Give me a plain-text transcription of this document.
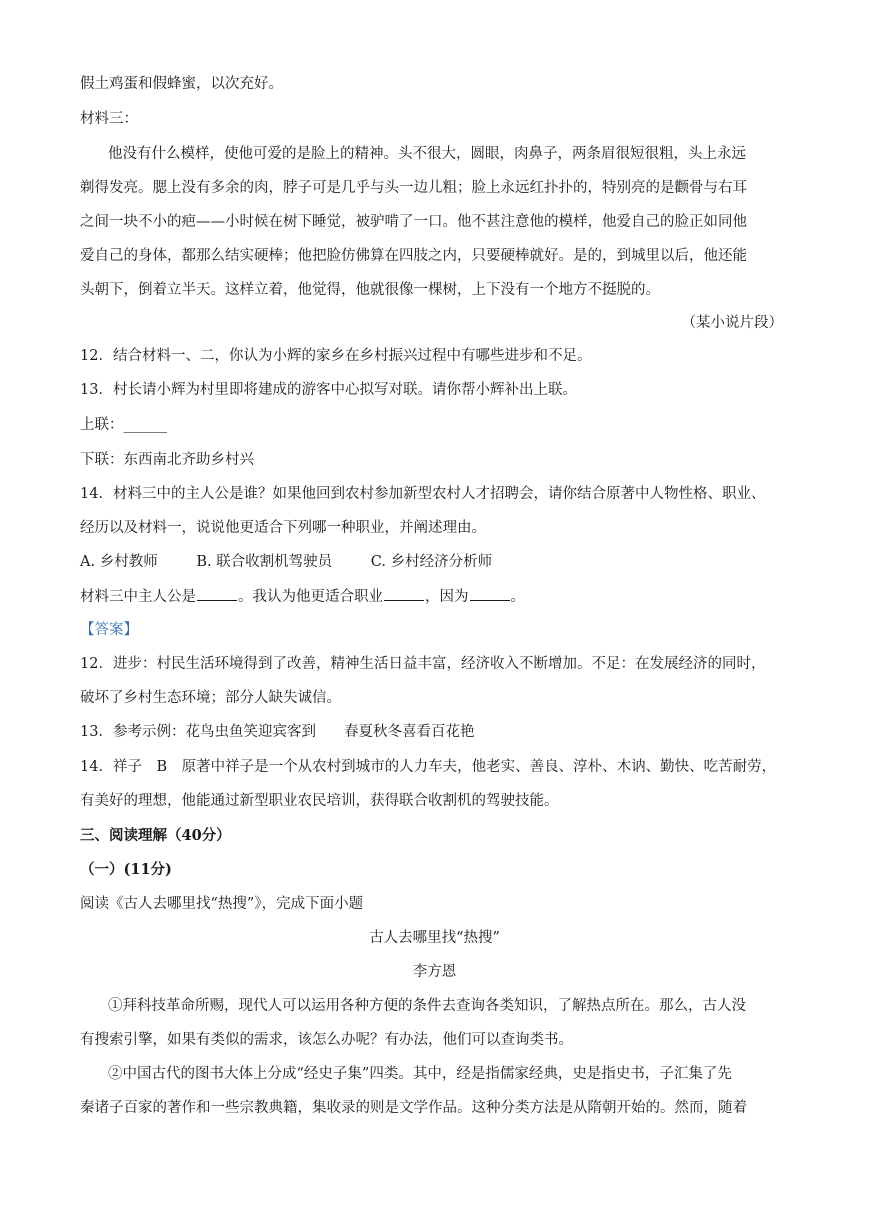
假土鸡蛋和假蜂蜜，以次充好。
材料三：
他没有什么模样，使他可爱的是脸上的精神。头不很大，圆眼，肉鼻子，两条眉很短很粗，头上永远
剃得发亮。腮上没有多余的肉，脖子可是几乎与头一边儿粗；脸上永远红扑扑的，特别亮的是颧骨与右耳
之间一块不小的疤——小时候在树下睡觉，被驴啃了一口。他不甚注意他的模样，他爱自己的脸正如同他
爱自己的身体，都那么结实硬棒；他把脸仿佛算在四肢之内，只要硬棒就好。是的，到城里以后，他还能
头朝下，倒着立半天。这样立着，他觉得，他就很像一棵树，上下没有一个地方不挺脱的。
（某小说片段）
12．结合材料一、二，你认为小辉的家乡在乡村振兴过程中有哪些进步和不足。
13．村长请小辉为村里即将建成的游客中心拟写对联。请你帮小辉补出上联。
上联：______
下联：东西南北齐助乡村兴
14．材料三中的主人公是谁？如果他回到农村参加新型农村人才招聘会，请你结合原著中人物性格、职业、
经历以及材料一，说说他更适合下列哪一种职业，并阐述理由。
A. 乡村教师	B. 联合收割机驾驶员	C. 乡村经济分析师
材料三中主人公是	。我认为他更适合职业	，因为	。
【答案】
12．进步：村民生活环境得到了改善，精神生活日益丰富，经济收入不断增加。不足：在发展经济的同时，
破坏了乡村生态环境；部分人缺失诚信。
13．参考示例：花鸟虫鱼笑迎宾客到 春夏秋冬喜看百花艳
14．祥子　B　原著中祥子是一个从农村到城市的人力车夫，他老实、善良、淳朴、木讷、勤快、吃苦耐劳，
有美好的理想，他能通过新型职业农民培训，获得联合收割机的驾驶技能。
三、阅读理解（40分）
（一）(11分)
阅读《古人去哪里找“热搜”》，完成下面小题
古人去哪里找“热搜”
李方恩
①拜科技革命所赐，现代人可以运用各种方便的条件去查询各类知识，了解热点所在。那么，古人没
有搜索引擎，如果有类似的需求，该怎么办呢？有办法，他们可以查询类书。
②中国古代的图书大体上分成“经史子集”四类。其中，经是指儒家经典，史是指史书，子汇集了先
秦诸子百家的著作和一些宗教典籍，集收录的则是文学作品。这种分类方法是从隋朝开始的。然而，随着
